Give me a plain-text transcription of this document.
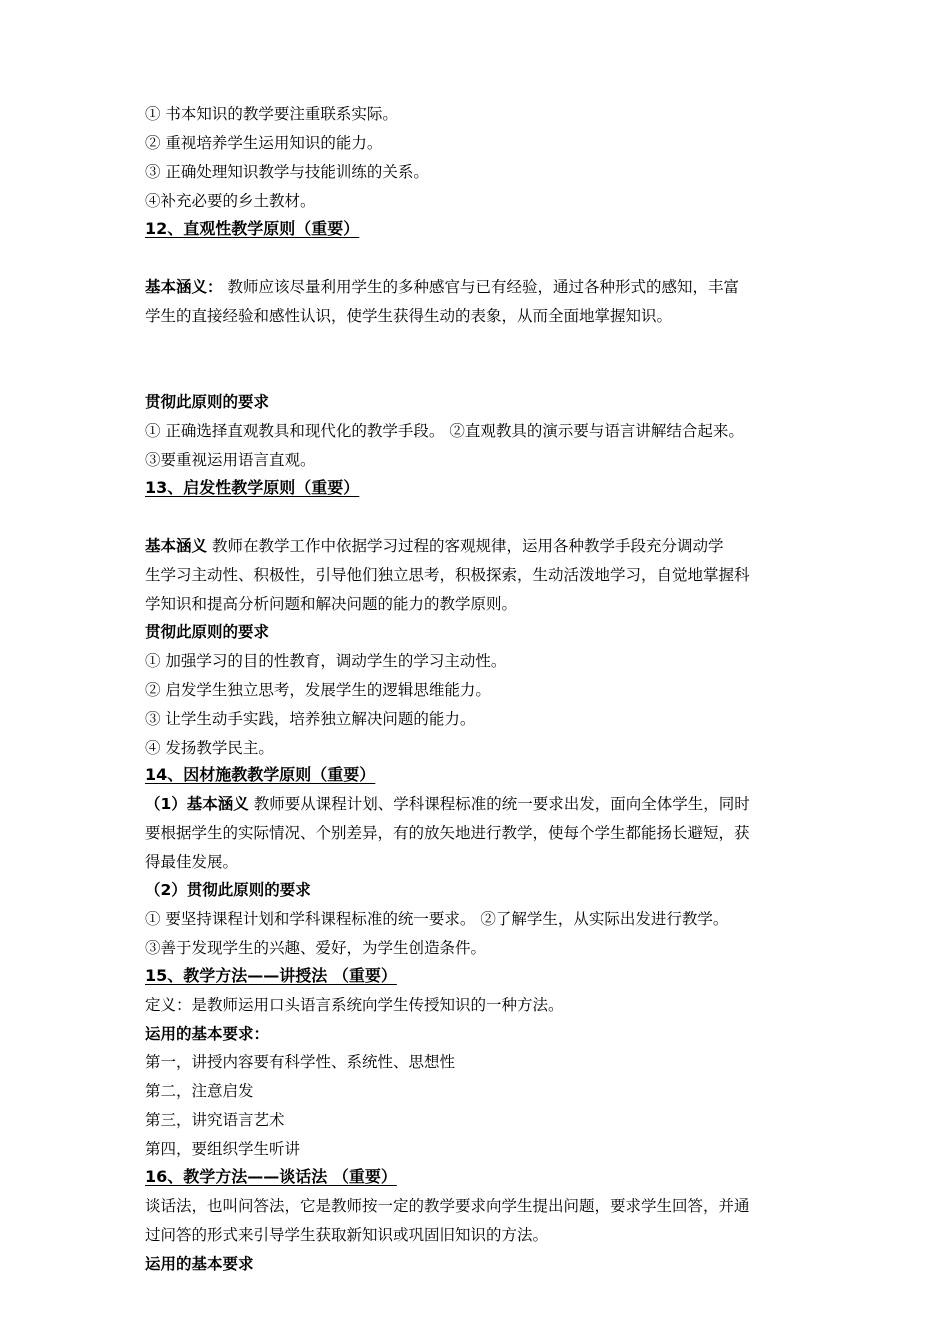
① 书本知识的教学要注重联系实际。
② 重视培养学生运用知识的能力。
③ 正确处理知识教学与技能训练的关系。
④补充必要的乡土教材。
12、直观性教学原则（重要）
基本涵义： 教师应该尽量利用学生的多种感官与已有经验，通过各种形式的感知，丰富
学生的直接经验和感性认识，使学生获得生动的表象，从而全面地掌握知识。
贯彻此原则的要求
① 正确选择直观教具和现代化的教学手段。 ②直观教具的演示要与语言讲解结合起来。
③要重视运用语言直观。
13、启发性教学原则（重要）
基本涵义 教师在教学工作中依据学习过程的客观规律，运用各种教学手段充分调动学
生学习主动性、积极性，引导他们独立思考，积极探索，生动活泼地学习，自觉地掌握科
学知识和提高分析问题和解决问题的能力的教学原则。
贯彻此原则的要求
① 加强学习的目的性教育，调动学生的学习主动性。
② 启发学生独立思考，发展学生的逻辑思维能力。
③ 让学生动手实践，培养独立解决问题的能力。
④ 发扬教学民主。
14、因材施教教学原则（重要）
（1）基本涵义 教师要从课程计划、学科课程标准的统一要求出发，面向全体学生，同时
要根据学生的实际情况、个别差异，有的放矢地进行教学，使每个学生都能扬长避短，获
得最佳发展。
（2）贯彻此原则的要求
① 要坚持课程计划和学科课程标准的统一要求。 ②了解学生，从实际出发进行教学。
③善于发现学生的兴趣、爱好，为学生创造条件。
15、教学方法——讲授法 （重要）
定义：是教师运用口头语言系统向学生传授知识的一种方法。
运用的基本要求：
第一，讲授内容要有科学性、系统性、思想性
第二，注意启发
第三，讲究语言艺术
第四，要组织学生听讲
16、教学方法——谈话法 （重要）
谈话法，也叫问答法，它是教师按一定的教学要求向学生提出问题，要求学生回答，并通
过问答的形式来引导学生获取新知识或巩固旧知识的方法。
运用的基本要求
